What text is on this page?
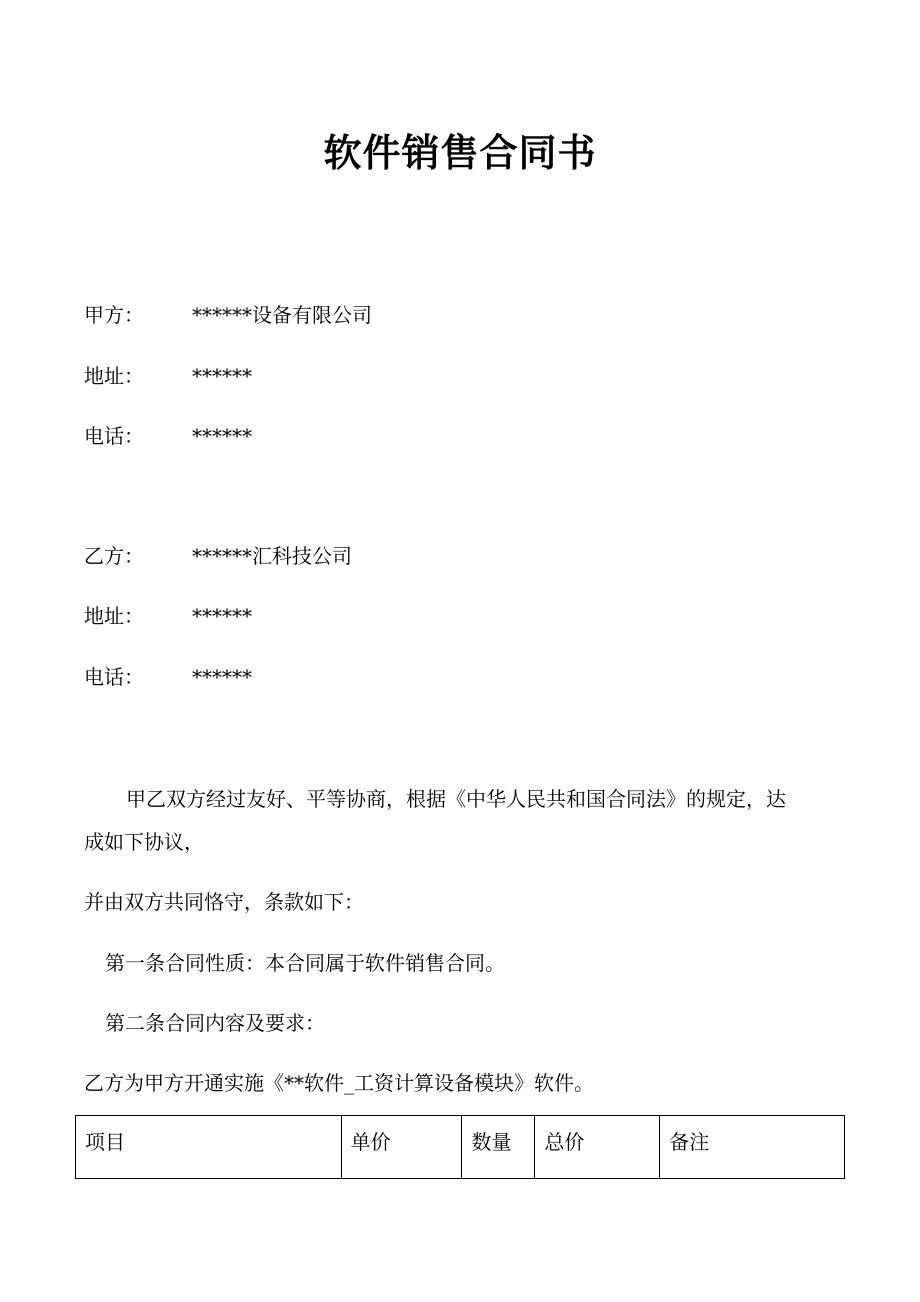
软件销售合同书
甲方： ******设备有限公司
地址： ******
电话： ******
乙方： ******汇科技公司
地址： ******
电话： ******
甲乙双方经过友好、平等协商，根据《中华人民共和国合同法》的规定，达
成如下协议，
并由双方共同恪守，条款如下：
第一条合同性质：本合同属于软件销售合同。
第二条合同内容及要求：
乙方为甲方开通实施《**软件_工资计算设备模块》软件。
项目	单价	数量	总价	备注
